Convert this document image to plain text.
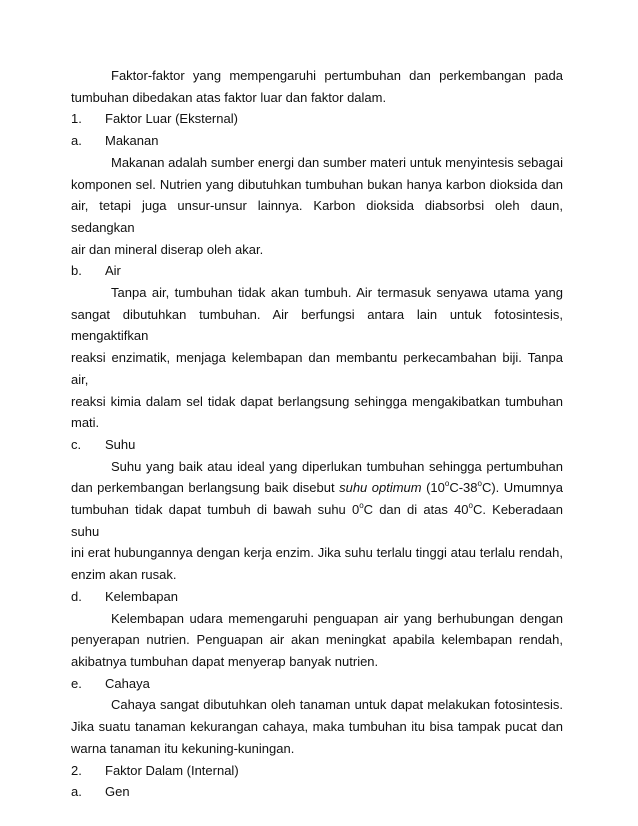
Faktor-faktor yang mempengaruhi pertumbuhan dan perkembangan pada
tumbuhan dibedakan atas faktor luar dan faktor dalam.
1.	Faktor Luar (Eksternal)
a.	Makanan
Makanan adalah sumber energi dan sumber materi untuk menyintesis sebagai
komponen sel. Nutrien yang dibutuhkan tumbuhan bukan hanya karbon dioksida dan
air, tetapi juga unsur-unsur lainnya. Karbon dioksida diabsorbsi oleh daun, sedangkan
air dan mineral diserap oleh akar.
b.	Air
Tanpa air, tumbuhan tidak akan tumbuh. Air termasuk senyawa utama yang
sangat dibutuhkan tumbuhan. Air berfungsi antara lain untuk fotosintesis, mengaktifkan
reaksi enzimatik, menjaga kelembapan dan membantu perkecambahan biji. Tanpa air,
reaksi kimia dalam sel tidak dapat berlangsung sehingga mengakibatkan tumbuhan
mati.
c.	Suhu
Suhu yang baik atau ideal yang diperlukan tumbuhan sehingga pertumbuhan
dan perkembangan berlangsung baik disebut suhu optimum (10$^o$C-38$^o$C). Umumnya
tumbuhan tidak dapat tumbuh di bawah suhu 0$^o$C dan di atas 40$^o$C. Keberadaan suhu
ini erat hubungannya dengan kerja enzim. Jika suhu terlalu tinggi atau terlalu rendah,
enzim akan rusak.
d.	Kelembapan
Kelembapan udara memengaruhi penguapan air yang berhubungan dengan
penyerapan nutrien. Penguapan air akan meningkat apabila kelembapan rendah,
akibatnya tumbuhan dapat menyerap banyak nutrien.
e.	Cahaya
Cahaya sangat dibutuhkan oleh tanaman untuk dapat melakukan fotosintesis.
Jika suatu tanaman kekurangan cahaya, maka tumbuhan itu bisa tampak pucat dan
warna tanaman itu kekuning-kuningan.
2.	Faktor Dalam (Internal)
a.	Gen
